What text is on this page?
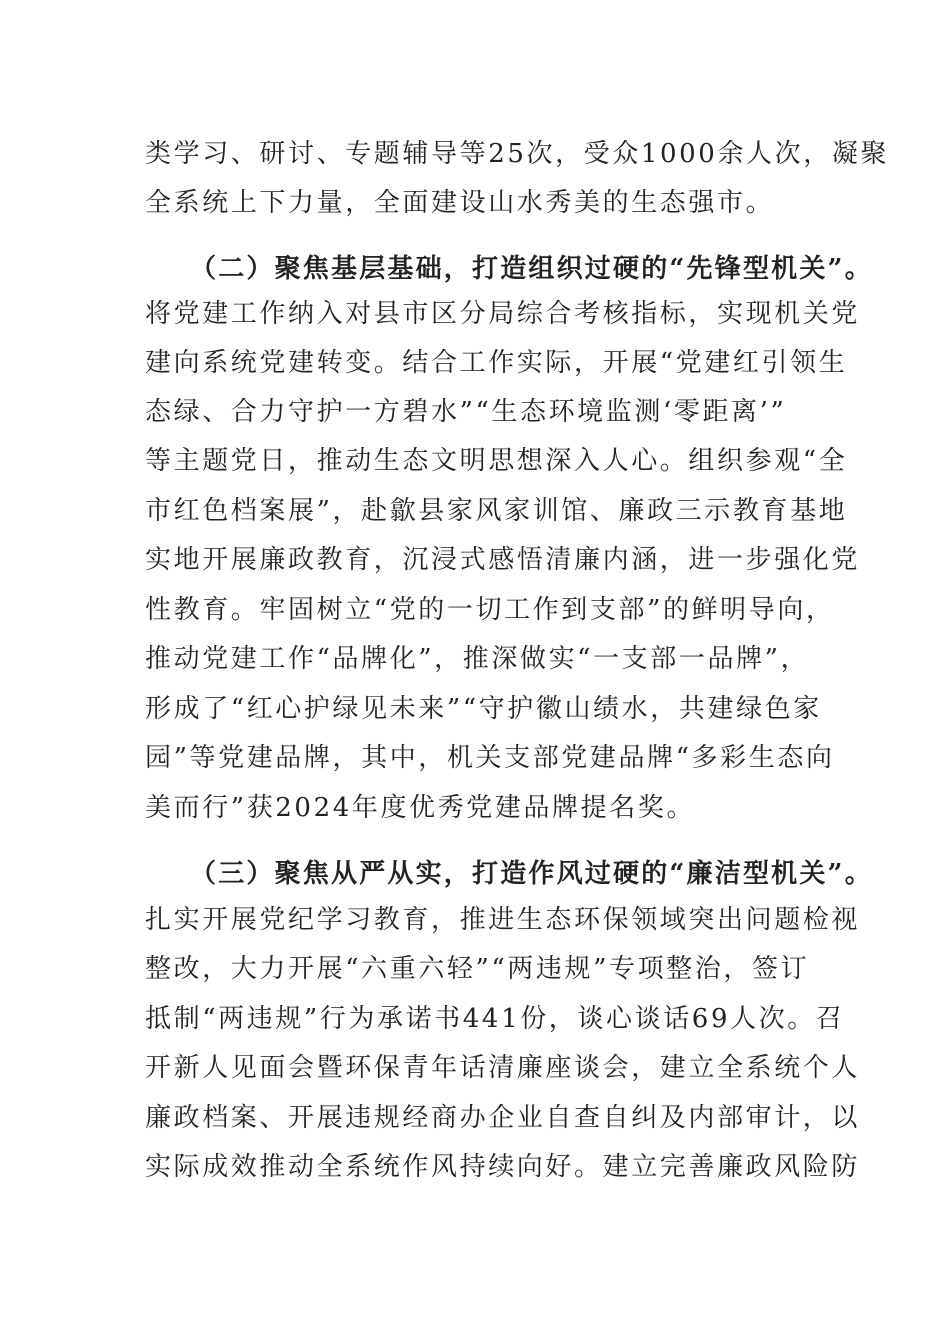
类学习、研讨、专题辅导等25次，受众1000余人次，凝聚
全系统上下力量，全面建设山水秀美的生态强市。
（二）聚焦基层基础，打造组织过硬的“先锋型机关”。
将党建工作纳入对县市区分局综合考核指标，实现机关党
建向系统党建转变。结合工作实际，开展“党建红引领生
态绿、合力守护一方碧水”“生态环境监测‘零距离’”
等主题党日，推动生态文明思想深入人心。组织参观“全
市红色档案展”，赴歙县家风家训馆、廉政三示教育基地
实地开展廉政教育，沉浸式感悟清廉内涵，进一步强化党
性教育。牢固树立“党的一切工作到支部”的鲜明导向，
推动党建工作“品牌化”，推深做实“一支部一品牌”，
形成了“红心护绿见未来”“守护徽山绩水，共建绿色家
园”等党建品牌，其中，机关支部党建品牌“多彩生态向
美而行”获2024年度优秀党建品牌提名奖。
（三）聚焦从严从实，打造作风过硬的“廉洁型机关”。
扎实开展党纪学习教育，推进生态环保领域突出问题检视
整改，大力开展“六重六轻”“两违规”专项整治，签订
抵制“两违规”行为承诺书441份，谈心谈话69人次。召
开新人见面会暨环保青年话清廉座谈会，建立全系统个人
廉政档案、开展违规经商办企业自查自纠及内部审计，以
实际成效推动全系统作风持续向好。建立完善廉政风险防
